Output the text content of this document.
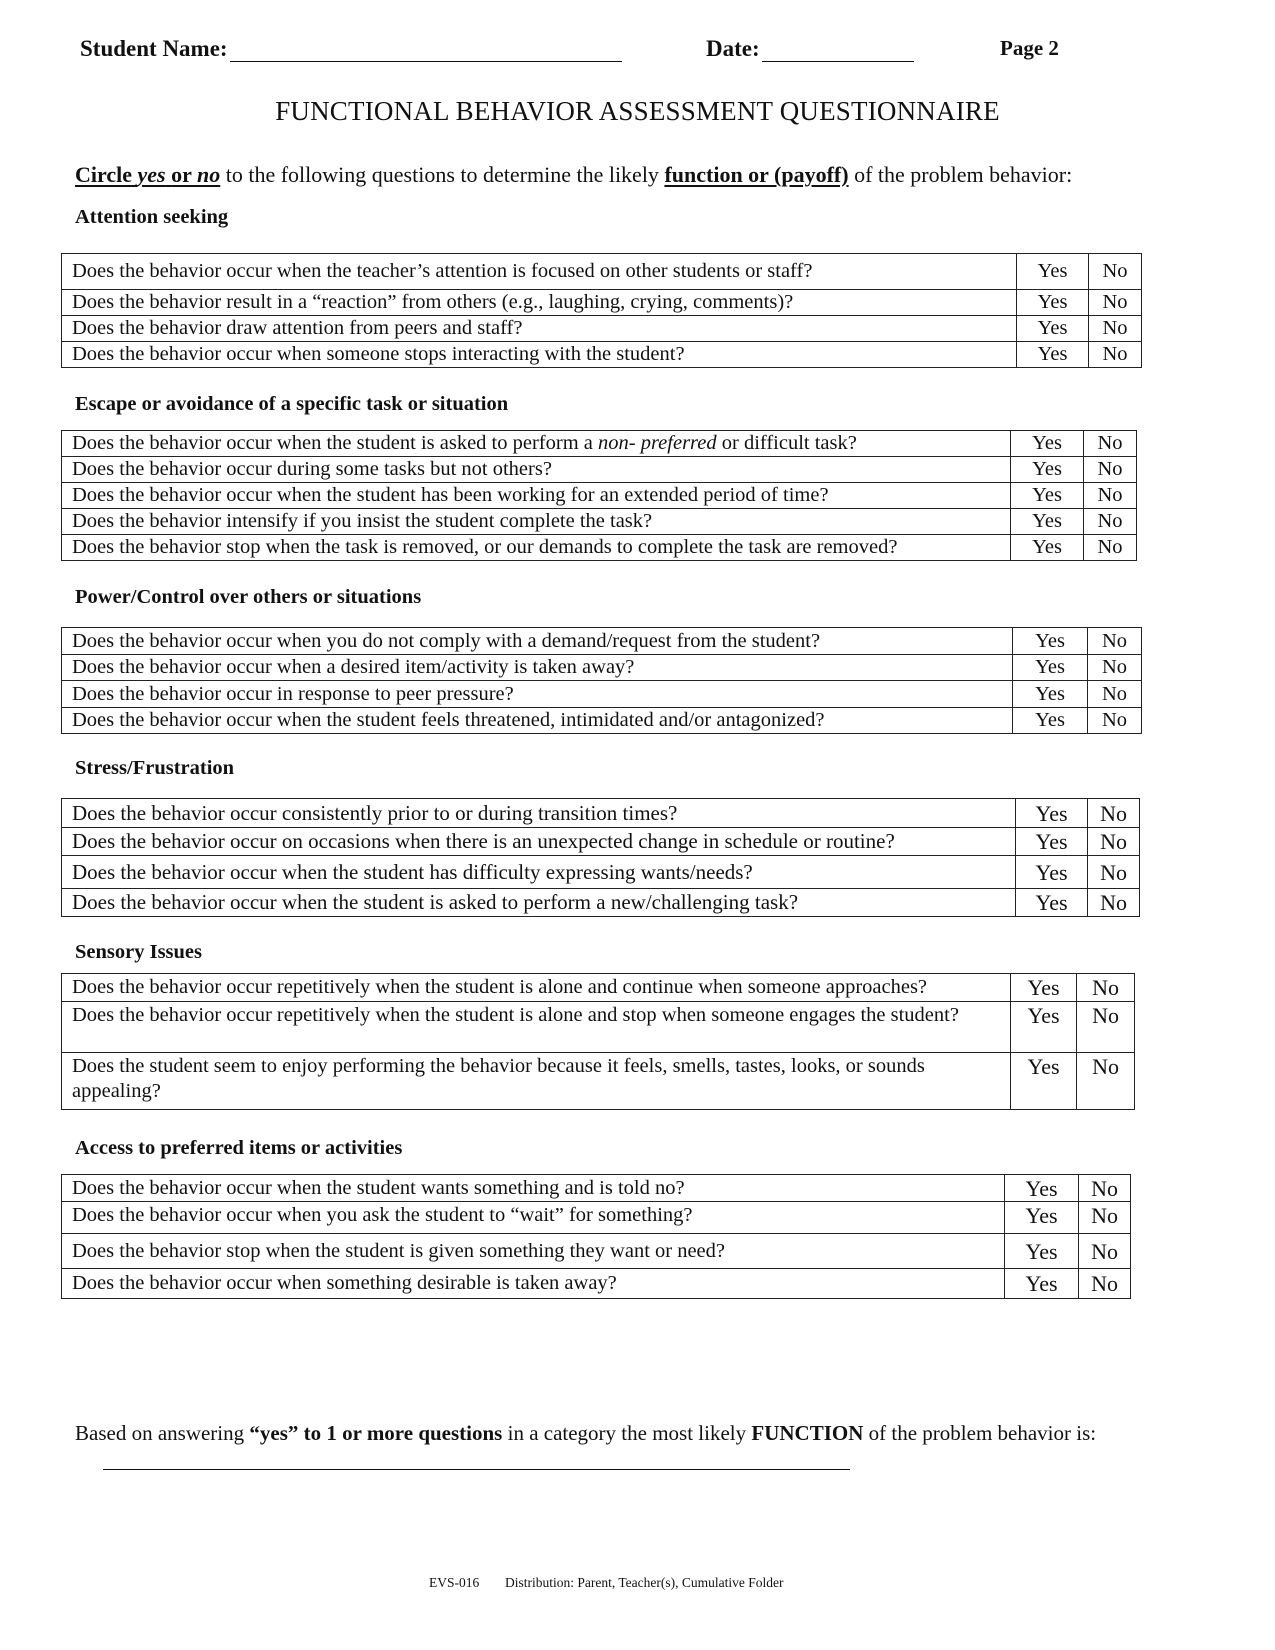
Student Name:	Date:	Page 2
FUNCTIONAL BEHAVIOR ASSESSMENT QUESTIONNAIRE
Circle yes or no to the following questions to determine the likely function or (payoff) of the problem behavior:
Attention seeking
Does the behavior occur when the teacher’s attention is focused on other students or staff?	Yes	No
Does the behavior result in a “reaction” from others (e.g., laughing, crying, comments)?	Yes	No
Does the behavior draw attention from peers and staff?	Yes	No
Does the behavior occur when someone stops interacting with the student?	Yes	No
Escape or avoidance of a specific task or situation
Does the behavior occur when the student is asked to perform a non- preferred or difficult task?	Yes	No
Does the behavior occur during some tasks but not others?	Yes	No
Does the behavior occur when the student has been working for an extended period of time?	Yes	No
Does the behavior intensify if you insist the student complete the task?	Yes	No
Does the behavior stop when the task is removed, or our demands to complete the task are removed?	Yes	No
Power/Control over others or situations
Does the behavior occur when you do not comply with a demand/request from the student?	Yes	No
Does the behavior occur when a desired item/activity is taken away?	Yes	No
Does the behavior occur in response to peer pressure?	Yes	No
Does the behavior occur when the student feels threatened, intimidated and/or antagonized?	Yes	No
Stress/Frustration
Does the behavior occur consistently prior to or during transition times?	Yes	No
Does the behavior occur on occasions when there is an unexpected change in schedule or routine?	Yes	No
Does the behavior occur when the student has difficulty expressing wants/needs?	Yes	No
Does the behavior occur when the student is asked to perform a new/challenging task?	Yes	No
Sensory Issues
Does the behavior occur repetitively when the student is alone and continue when someone approaches?	Yes	No
Does the behavior occur repetitively when the student is alone and stop when someone engages the student?	Yes	No
Does the student seem to enjoy performing the behavior because it feels, smells, tastes, looks, or sounds appealing?	Yes	No
Access to preferred items or activities
Does the behavior occur when the student wants something and is told no?	Yes	No
Does the behavior occur when you ask the student to “wait” for something?	Yes	No
Does the behavior stop when the student is given something they want or need?	Yes	No
Does the behavior occur when something desirable is taken away?	Yes	No
Based on answering “yes” to 1 or more questions in a category the most likely FUNCTION of the problem behavior is:
EVS-016 Distribution: Parent, Teacher(s), Cumulative Folder
